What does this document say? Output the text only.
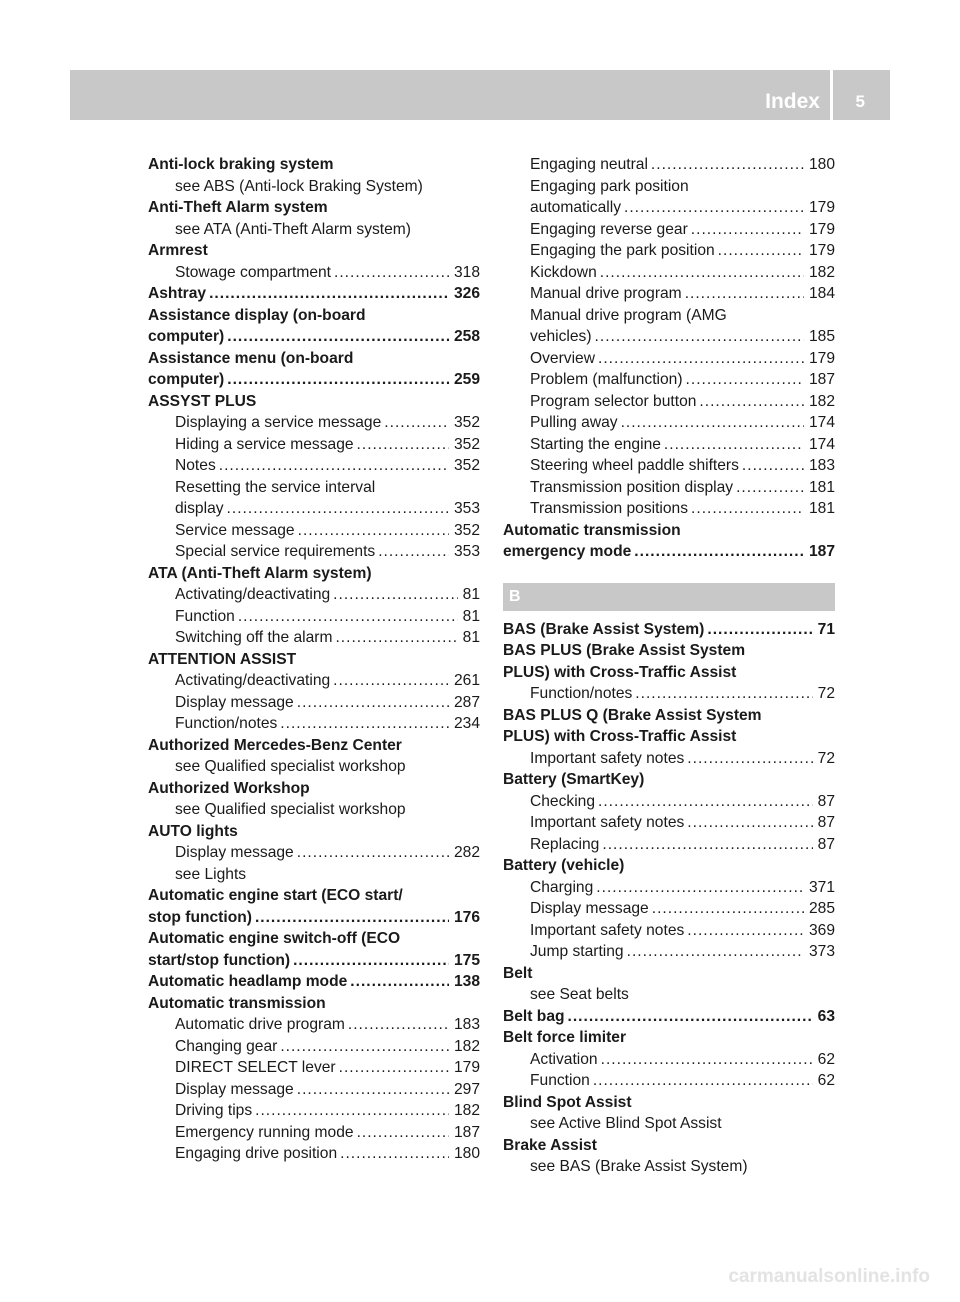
Index 5
Anti-lock braking system
see ABS (Anti-lock Braking System)
Anti-Theft Alarm system
see ATA (Anti-Theft Alarm system)
Armrest
Stowage compartment .....	318
Ashtray .....	326
Assistance display (on-board
computer) .....	258
Assistance menu (on-board
computer) .....	259
ASSYST PLUS
Displaying a service message .....	352
Hiding a service message .....	352
Notes .....	352
Resetting the service interval
display .....	353
Service message .....	352
Special service requirements .....	353
ATA (Anti-Theft Alarm system)
Activating/deactivating .....	81
Function .....	81
Switching off the alarm .....	81
ATTENTION ASSIST
Activating/deactivating .....	261
Display message .....	287
Function/notes .....	234
Authorized Mercedes-Benz Center
see Qualified specialist workshop
Authorized Workshop
see Qualified specialist workshop
AUTO lights
Display message .....	282
see Lights
Automatic engine start (ECO start/
stop function) .....	176
Automatic engine switch-off (ECO
start/stop function) .....	175
Automatic headlamp mode .....	138
Automatic transmission
Automatic drive program .....	183
Changing gear .....	182
DIRECT SELECT lever .....	179
Display message .....	297
Driving tips .....	182
Emergency running mode .....	187
Engaging drive position .....	180
Engaging neutral .....	180
Engaging park position
automatically .....	179
Engaging reverse gear .....	179
Engaging the park position .....	179
Kickdown .....	182
Manual drive program .....	184
Manual drive program (AMG
vehicles) .....	185
Overview .....	179
Problem (malfunction) .....	187
Program selector button .....	182
Pulling away .....	174
Starting the engine .....	174
Steering wheel paddle shifters .....	183
Transmission position display .....	181
Transmission positions .....	181
Automatic transmission
emergency mode .....	187
B
BAS (Brake Assist System) .....	71
BAS PLUS (Brake Assist System
PLUS) with Cross-Traffic Assist
Function/notes .....	72
BAS PLUS Q (Brake Assist System
PLUS) with Cross-Traffic Assist
Important safety notes .....	72
Battery (SmartKey)
Checking .....	87
Important safety notes .....	87
Replacing .....	87
Battery (vehicle)
Charging .....	371
Display message .....	285
Important safety notes .....	369
Jump starting .....	373
Belt
see Seat belts
Belt bag .....	63
Belt force limiter
Activation .....	62
Function .....	62
Blind Spot Assist
see Active Blind Spot Assist
Brake Assist
see BAS (Brake Assist System)
carmanualsonline.info
